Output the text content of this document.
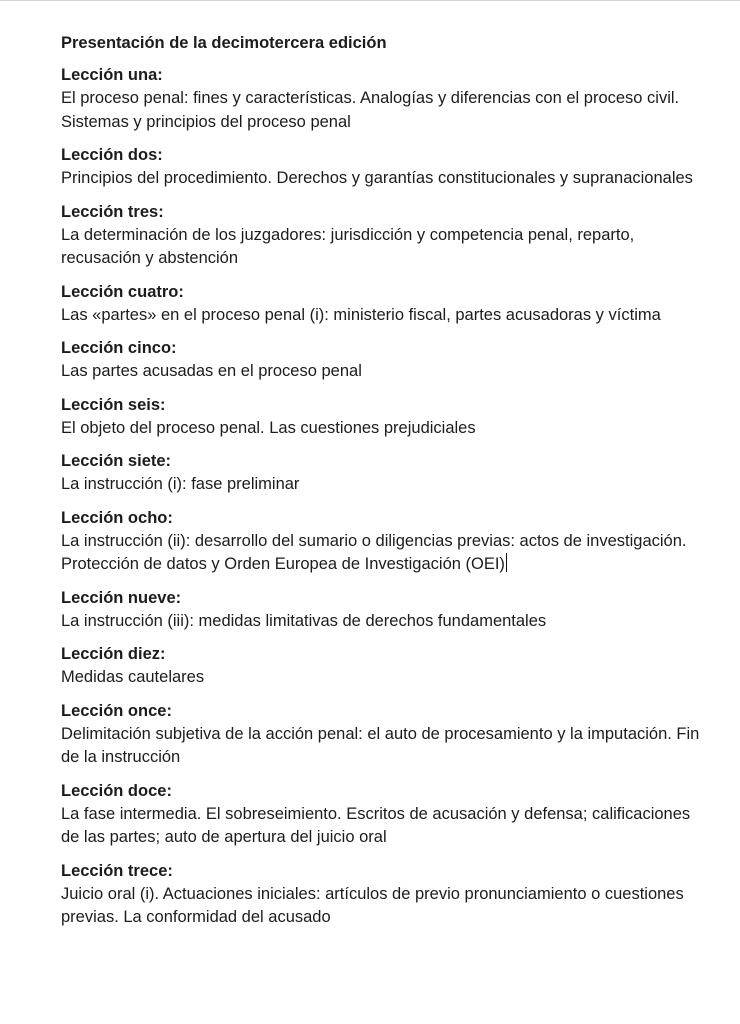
Presentación de la decimotercera edición
Lección una:
El proceso penal: fines y características. Analogías y diferencias con el proceso civil. Sistemas y principios del proceso penal
Lección dos:
Principios del procedimiento. Derechos y garantías constitucionales y supranacionales
Lección tres:
La determinación de los juzgadores: jurisdicción y competencia penal, reparto, recusación y abstención
Lección cuatro:
Las «partes» en el proceso penal (i): ministerio fiscal, partes acusadoras y víctima
Lección cinco:
Las partes acusadas en el proceso penal
Lección seis:
El objeto del proceso penal. Las cuestiones prejudiciales
Lección siete:
La instrucción (i): fase preliminar
Lección ocho:
La instrucción (ii): desarrollo del sumario o diligencias previas: actos de investigación. Protección de datos y Orden Europea de Investigación (OEI)
Lección nueve:
La instrucción (iii): medidas limitativas de derechos fundamentales
Lección diez:
Medidas cautelares
Lección once:
Delimitación subjetiva de la acción penal: el auto de procesamiento y la imputación. Fin de la instrucción
Lección doce:
La fase intermedia. El sobreseimiento. Escritos de acusación y defensa; calificaciones de las partes; auto de apertura del juicio oral
Lección trece:
Juicio oral (i). Actuaciones iniciales: artículos de previo pronunciamiento o cuestiones previas. La conformidad del acusado
